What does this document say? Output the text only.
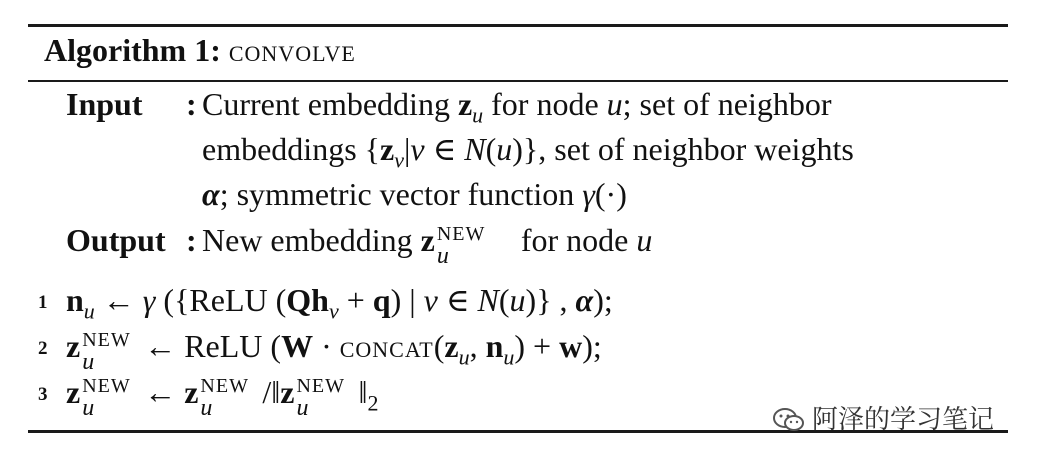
Algorithm 1: convolve
Input : Current embedding $z_u$ for node u; set of neighbor
embeddings {$z_v|v$ ∈ N(u)}, set of neighbor weights
α; symmetric vector function γ(·)
Output : New embedding z NEW
u for node u
1 $n_u$ ← γ ({ReLU $(Qh_v + q)$ | v ∈ N(u)} , α);
2 z NEW
u ← ReLU ($W \cdot concat(z_u$, $n_u) + w$);
3 z NEW
u ← z NEW
u /‖z NEW
u $‖_2$
阿泽的学习笔记
